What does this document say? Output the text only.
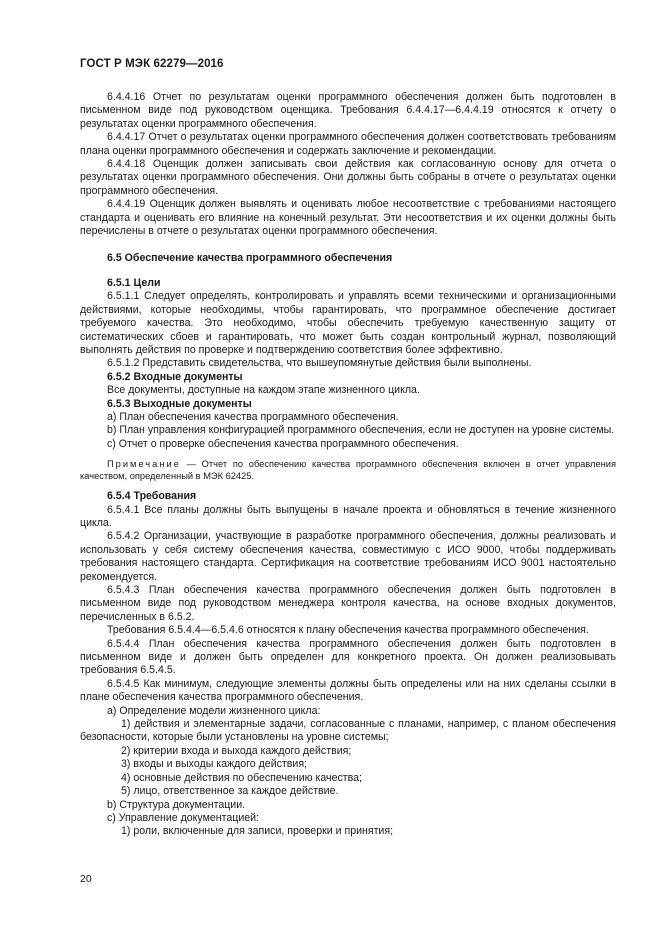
ГОСТ Р МЭК 62279—2016

6.4.4.16 Отчет по результатам оценки программного обеспечения должен быть подготовлен в письменном виде под руководством оценщика. Требования 6.4.4.17—6.4.4.19 относятся к отчету о результатах оценки программного обеспечения.

6.4.4.17 Отчет о результатах оценки программного обеспечения должен соответствовать требованиям плана оценки программного обеспечения и содержать заключение и рекомендации.

6.4.4.18 Оценщик должен записывать свои действия как согласованную основу для отчета о результатах оценки программного обеспечения. Они должны быть собраны в отчете о результатах оценки программного обеспечения.

6.4.4.19 Оценщик должен выявлять и оценивать любое несоответствие с требованиями настоящего стандарта и оценивать его влияние на конечный результат. Эти несоответствия и их оценки должны быть перечислены в отчете о результатах оценки программного обеспечения.

6.5 Обеспечение качества программного обеспечения

6.5.1 Цели

6.5.1.1 Следует определять, контролировать и управлять всеми техническими и организационными действиями, которые необходимы, чтобы гарантировать, что программное обеспечение достигает требуемого качества. Это необходимо, чтобы обеспечить требуемую качественную защиту от систематических сбоев и гарантировать, что может быть создан контрольный журнал, позволяющий выполнять действия по проверке и подтверждению соответствия более эффективно.

6.5.1.2 Представить свидетельства, что вышеупомянутые действия были выполнены.

6.5.2 Входные документы

Все документы, доступные на каждом этапе жизненного цикла.

6.5.3 Выходные документы

a) План обеспечения качества программного обеспечения.

b) План управления конфигурацией программного обеспечения, если не доступен на уровне системы.

c) Отчет о проверке обеспечения качества программного обеспечения.

Примечание — Отчет по обеспечению качества программного обеспечения включен в отчет управления качеством, определенный в МЭК 62425.

6.5.4 Требования

6.5.4.1 Все планы должны быть выпущены в начале проекта и обновляться в течение жизненного цикла.

6.5.4.2 Организации, участвующие в разработке программного обеспечения, должны реализовать и использовать у себя систему обеспечения качества, совместимую с ИСО 9000, чтобы поддерживать требования настоящего стандарта. Сертификация на соответствие требованиям ИСО 9001 настоятельно рекомендуется.

6.5.4.3 План обеспечения качества программного обеспечения должен быть подготовлен в письменном виде под руководством менеджера контроля качества, на основе входных документов, перечисленных в 6.5.2.

Требования 6.5.4.4—6.5.4.6 относятся к плану обеспечения качества программного обеспечения.

6.5.4.4 План обеспечения качества программного обеспечения должен быть подготовлен в письменном виде и должен быть определен для конкретного проекта. Он должен реализовывать требования 6.5.4.5.

6.5.4.5 Как минимум, следующие элементы должны быть определены или на них сделаны ссылки в плане обеспечения качества программного обеспечения.

a) Определение модели жизненного цикла:

1) действия и элементарные задачи, согласованные с планами, например, с планом обеспечения безопасности, которые были установлены на уровне системы;

2) критерии входа и выхода каждого действия;

3) входы и выходы каждого действия;

4) основные действия по обеспечению качества;

5) лицо, ответственное за каждое действие.

b) Структура документации.

c) Управление документацией:

1) роли, включенные для записи, проверки и принятия;

20
